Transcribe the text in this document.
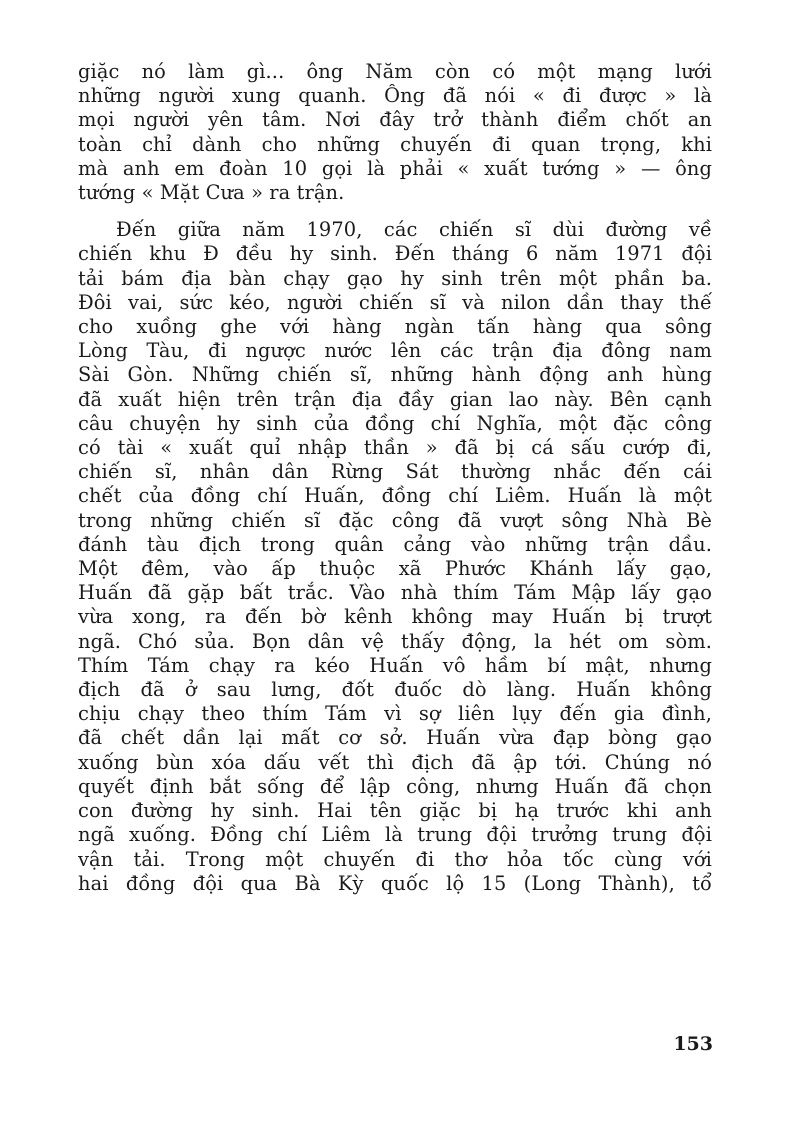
giặc nó làm gì... ông Năm còn có một mạng lưới
những người xung quanh. Ông đã nói « đi được » là
mọi người yên tâm. Nơi đây trở thành điểm chốt an
toàn chỉ dành cho những chuyến đi quan trọng, khi
mà anh em đoàn 10 gọi là phải « xuất tướng » — ông
tướng « Mặt Cưa » ra trận.
Đến giữa năm 1970, các chiến sĩ dùi đường về
chiến khu Đ đều hy sinh. Đến tháng 6 năm 1971 đội
tải bám địa bàn chạy gạo hy sinh trên một phần ba.
Đôi vai, sức kéo, người chiến sĩ và nilon dần thay thế
cho xuồng ghe với hàng ngàn tấn hàng qua sông
Lòng Tàu, đi ngược nước lên các trận địa đông nam
Sài Gòn. Những chiến sĩ, những hành động anh hùng
đã xuất hiện trên trận địa đầy gian lao này. Bên cạnh
câu chuyện hy sinh của đồng chí Nghĩa, một đặc công
có tài « xuất quỉ nhập thần » đã bị cá sấu cướp đi,
chiến sĩ, nhân dân Rừng Sát thường nhắc đến cái
chết của đồng chí Huấn, đồng chí Liêm. Huấn là một
trong những chiến sĩ đặc công đã vượt sông Nhà Bè
đánh tàu địch trong quân cảng vào những trận dầu.
Một đêm, vào ấp thuộc xã Phước Khánh lấy gạo,
Huấn đã gặp bất trắc. Vào nhà thím Tám Mập lấy gạo
vừa xong, ra đến bờ kênh không may Huấn bị trượt
ngã. Chó sủa. Bọn dân vệ thấy động, la hét om sòm.
Thím Tám chạy ra kéo Huấn vô hầm bí mật, nhưng
địch đã ở sau lưng, đốt đuốc dò làng. Huấn không
chịu chạy theo thím Tám vì sợ liên lụy đến gia đình,
đã chết dần lại mất cơ sở. Huấn vừa đạp bòng gạo
xuống bùn xóa dấu vết thì địch đã ập tới. Chúng nó
quyết định bắt sống để lập công, nhưng Huấn đã chọn
con đường hy sinh. Hai tên giặc bị hạ trước khi anh
ngã xuống. Đồng chí Liêm là trung đội trưởng trung đội
vận tải. Trong một chuyến đi thơ hỏa tốc cùng với
hai đồng đội qua Bà Kỳ quốc lộ 15 (Long Thành), tổ
153
